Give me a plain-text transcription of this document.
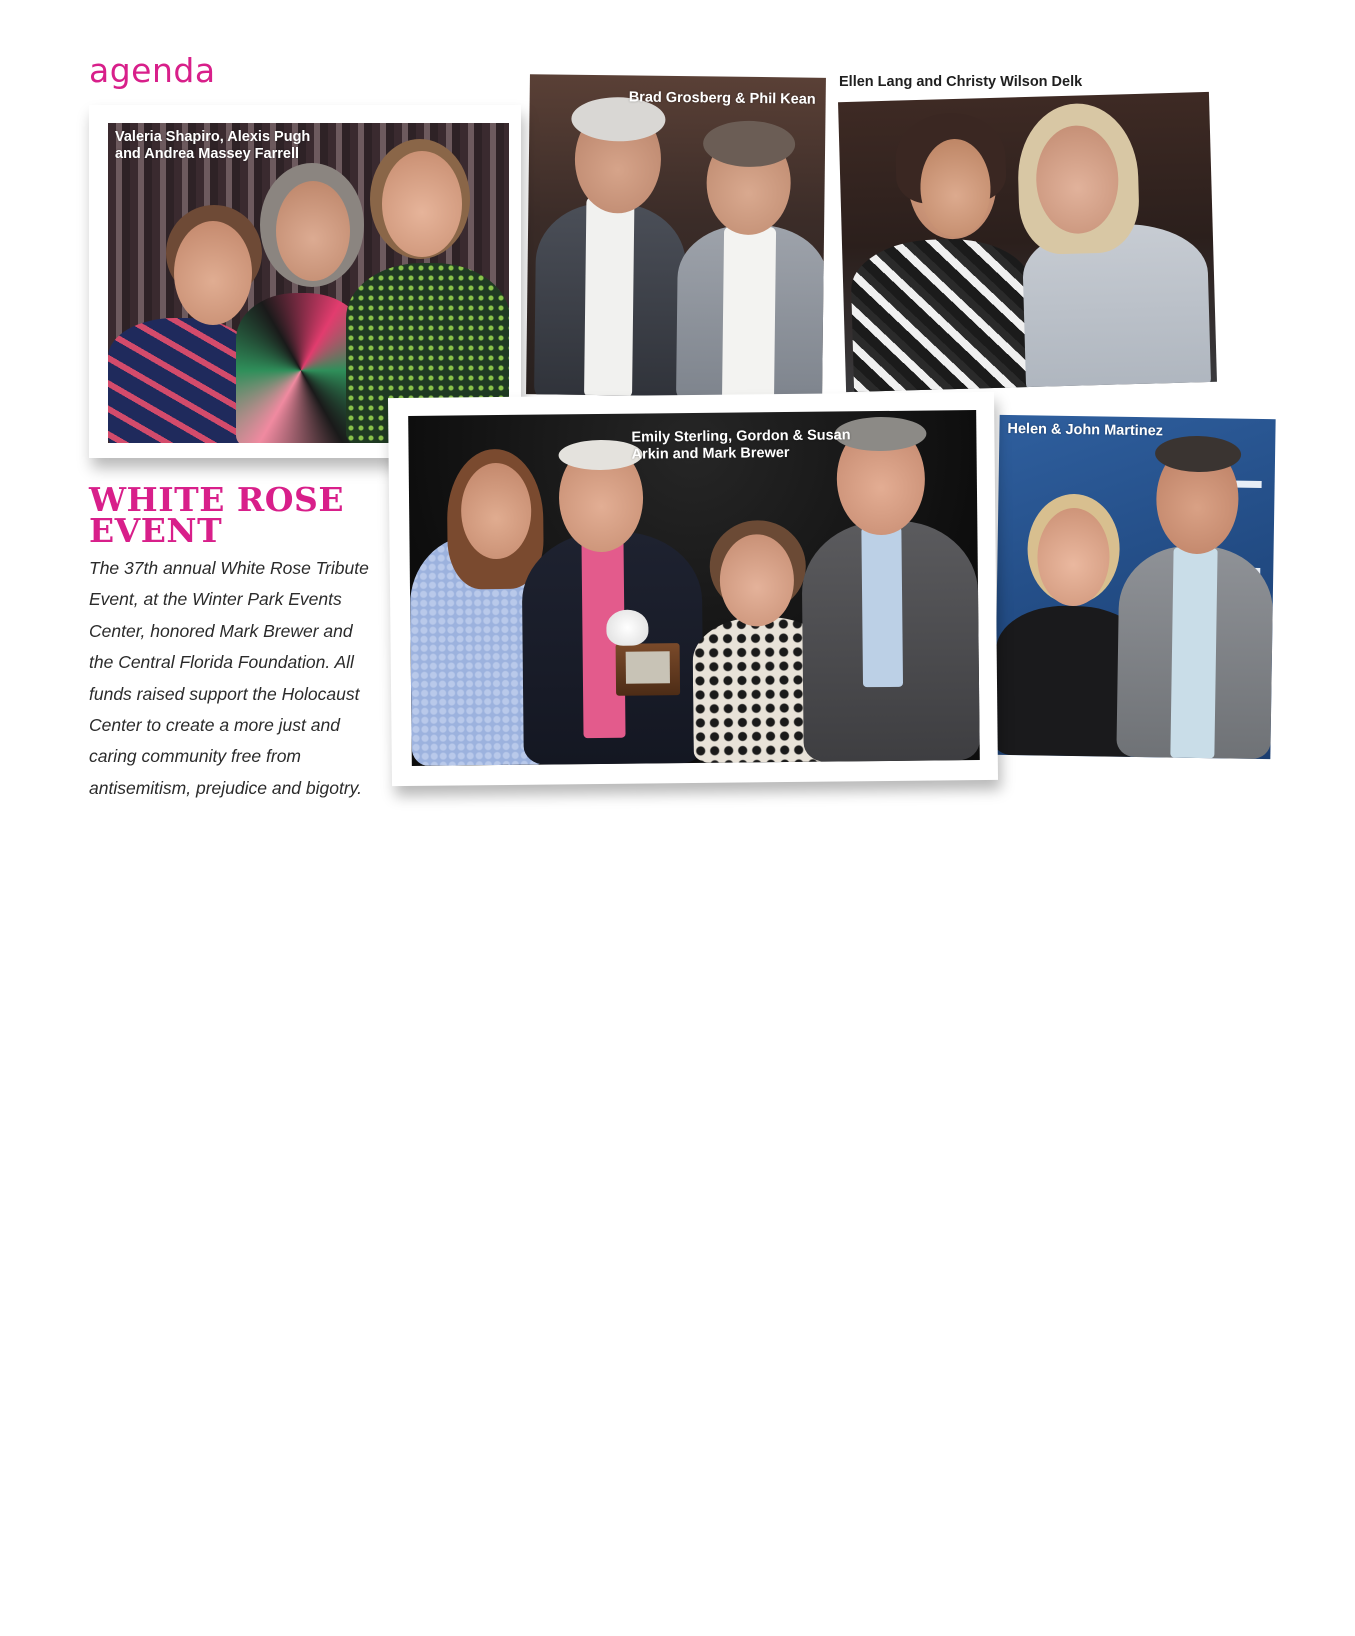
agenda
Brad Grosberg & Phil Kean
Ellen Lang and Christy Wilson Delk
Valeria Shapiro, Alexis Pugh
and Andrea Massey Farrell
Helen & John Martinez
Emily Sterling, Gordon & Susan
Arkin and Mark Brewer
WHITE ROSE
EVENT
The 37th annual White Rose Tribute Event, at the Winter Park Events Center, honored Mark Brewer and the Central Florida Foundation. All funds raised support the Holocaust Center to create a more just and caring community free from antisemitism, prejudice and bigotry.
